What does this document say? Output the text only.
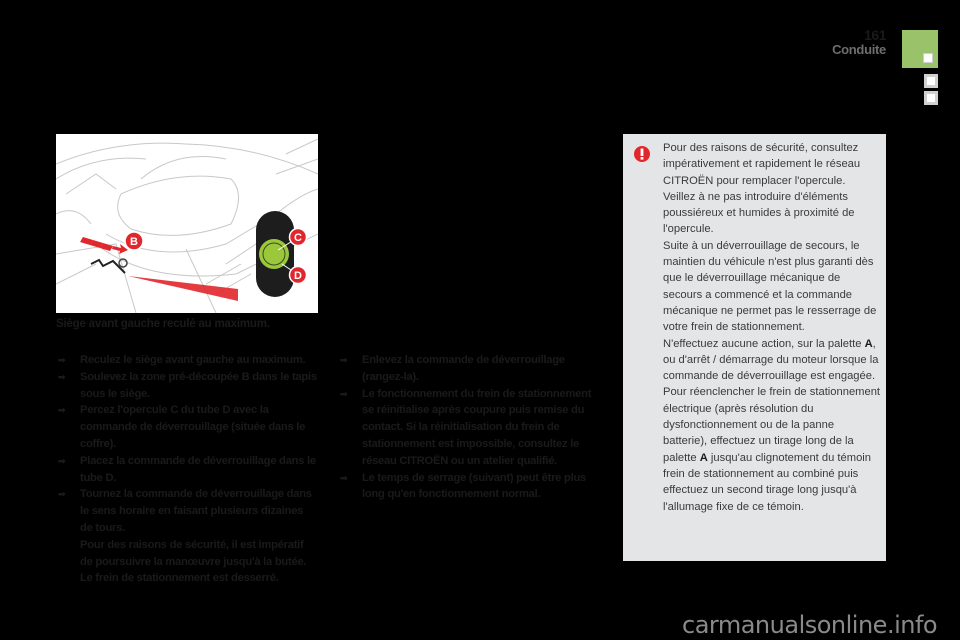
161
Conduite
B	C
D
Siège avant gauche reculé au maximum.
➡ Reculez le siège avant gauche au maximum.
➡ Soulevez la zone pré-découpée B dans le tapis sous le siège.
➡ Percez l'opercule C du tube D avec la commande de déverrouillage (située dans le coffre).
➡ Placez la commande de déverrouillage dans le tube D.
➡ Tournez la commande de déverrouillage dans le sens horaire en faisant plusieurs dizaines de tours.
Pour des raisons de sécurité, il est impératif de poursuivre la manœuvre jusqu'à la butée. Le frein de stationnement est desserré.
➡ Enlevez la commande de déverrouillage (rangez-la).
➡ Le fonctionnement du frein de stationnement se réinitialise après coupure puis remise du contact. Si la réinitialisation du frein de stationnement est impossible, consultez le réseau CITROËN ou un atelier qualifié.
➡ Le temps de serrage (suivant) peut être plus long qu'en fonctionnement normal.
Pour des raisons de sécurité, consultez impérativement et rapidement le réseau CITROËN pour remplacer l'opercule.
Veillez à ne pas introduire d'éléments poussiéreux et humides à proximité de l'opercule.
Suite à un déverrouillage de secours, le maintien du véhicule n'est plus garanti dès que le déverrouillage mécanique de secours a commencé et la commande mécanique ne permet pas le resserrage de votre frein de stationnement.
N'effectuez aucune action, sur la palette A, ou d'arrêt / démarrage du moteur lorsque la commande de déverrouillage est engagée.
Pour réenclencher le frein de stationnement électrique (après résolution du dysfonctionnement ou de la panne batterie), effectuez un tirage long de la palette A jusqu'au clignotement du témoin frein de stationnement au combiné puis effectuez un second tirage long jusqu'à l'allumage fixe de ce témoin.
carmanualsonline.info
